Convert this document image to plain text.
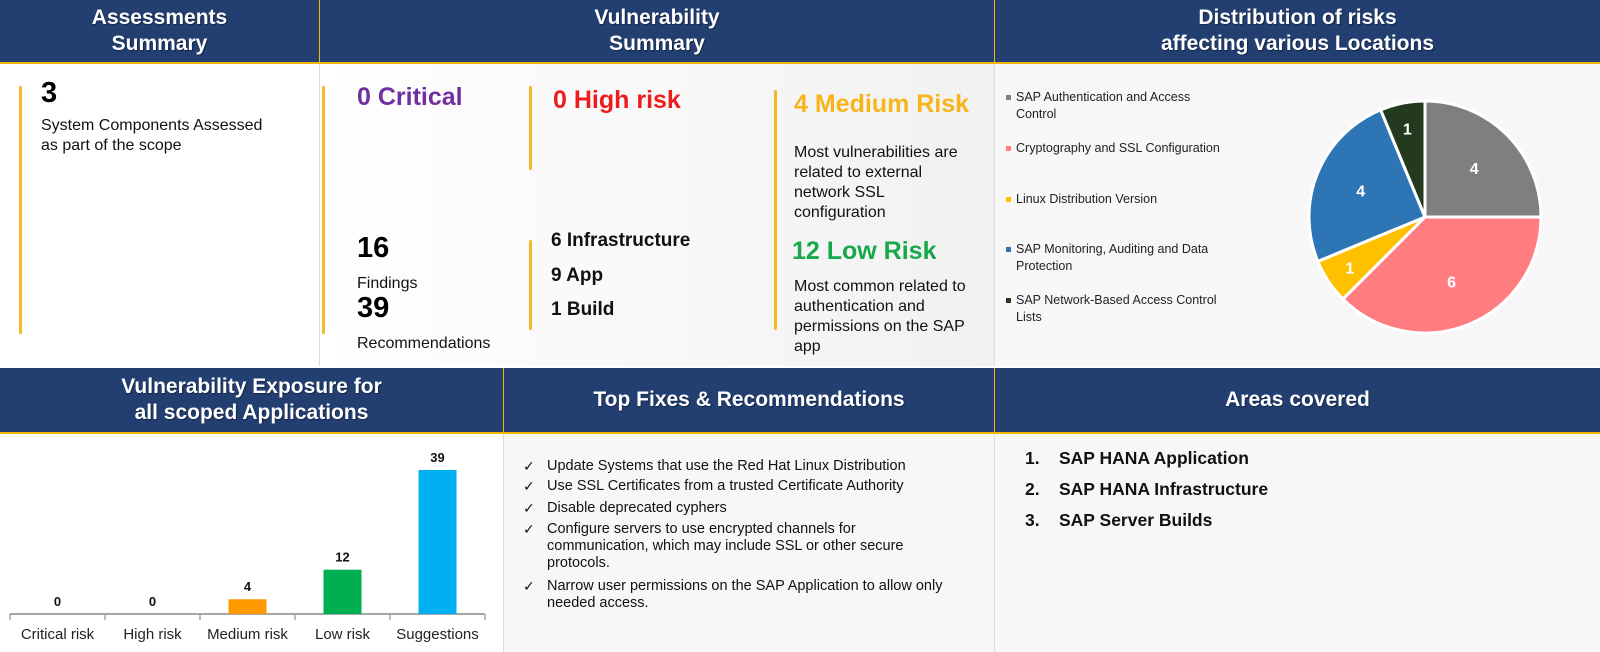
Assessments
Summary
Vulnerability
Summary
Distribution of risks
affecting various Locations
3
System Components Assessed
as part of the scope
0 Critical	0 High risk	4 Medium Risk
Most vulnerabilities are
related to external
network SSL
configuration
12 Low Risk
Most common related to
authentication and
permissions on the SAP
app
16
Findings
39
Recommendations
6 Infrastructure
9 App
1 Build
SAP Authentication and Access
Control
Cryptography and SSL Configuration
Linux Distribution Version
SAP Monitoring, Auditing and Data
Protection
SAP Network-Based Access Control
Lists
4
6
1
4
1
Vulnerability Exposure for
all scoped Applications
Top Fixes & Recommendations	Areas covered
0
Critical risk
0
High risk
4
Medium risk
12
Low risk
39
Suggestions
✓ Update Systems that use the Red Hat Linux Distribution
✓ Use SSL Certificates from a trusted Certificate Authority
✓ Disable deprecated cyphers
✓ Configure servers to use encrypted channels for
communication, which may include SSL or other secure
protocols.
✓ Narrow user permissions on the SAP Application to allow only
needed access.
1. SAP HANA Application
2. SAP HANA Infrastructure
3. SAP Server Builds
